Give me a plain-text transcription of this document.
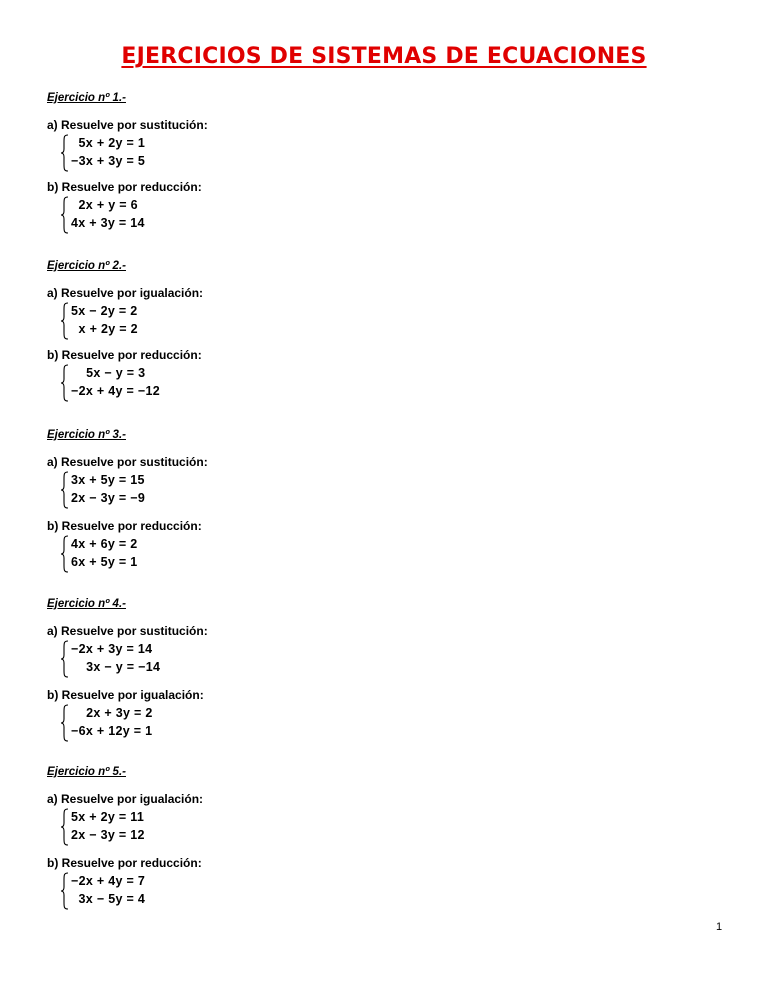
EJERCICIOS DE SISTEMAS DE ECUACIONES
Ejercicio nº 1.-
a) Resuelve por sustitución:
5x + 2y = 1
−3x + 3y = 5
b) Resuelve por reducción:
2x + y = 6
4x + 3y = 14
Ejercicio nº 2.-
a) Resuelve por igualación:
5x − 2y = 2
x + 2y = 2
b) Resuelve por reducción:
5x − y = 3
−2x + 4y = −12
Ejercicio nº 3.-
a) Resuelve por sustitución:
3x + 5y = 15
2x − 3y = −9
b) Resuelve por reducción:
4x + 6y = 2
6x + 5y = 1
Ejercicio nº 4.-
a) Resuelve por sustitución:
−2x + 3y = 14
3x − y = −14
b) Resuelve por igualación:
2x + 3y = 2
−6x + 12y = 1
Ejercicio nº 5.-
a) Resuelve por igualación:
5x + 2y = 11
2x − 3y = 12
b) Resuelve por reducción:
−2x + 4y = 7
3x − 5y = 4
1
